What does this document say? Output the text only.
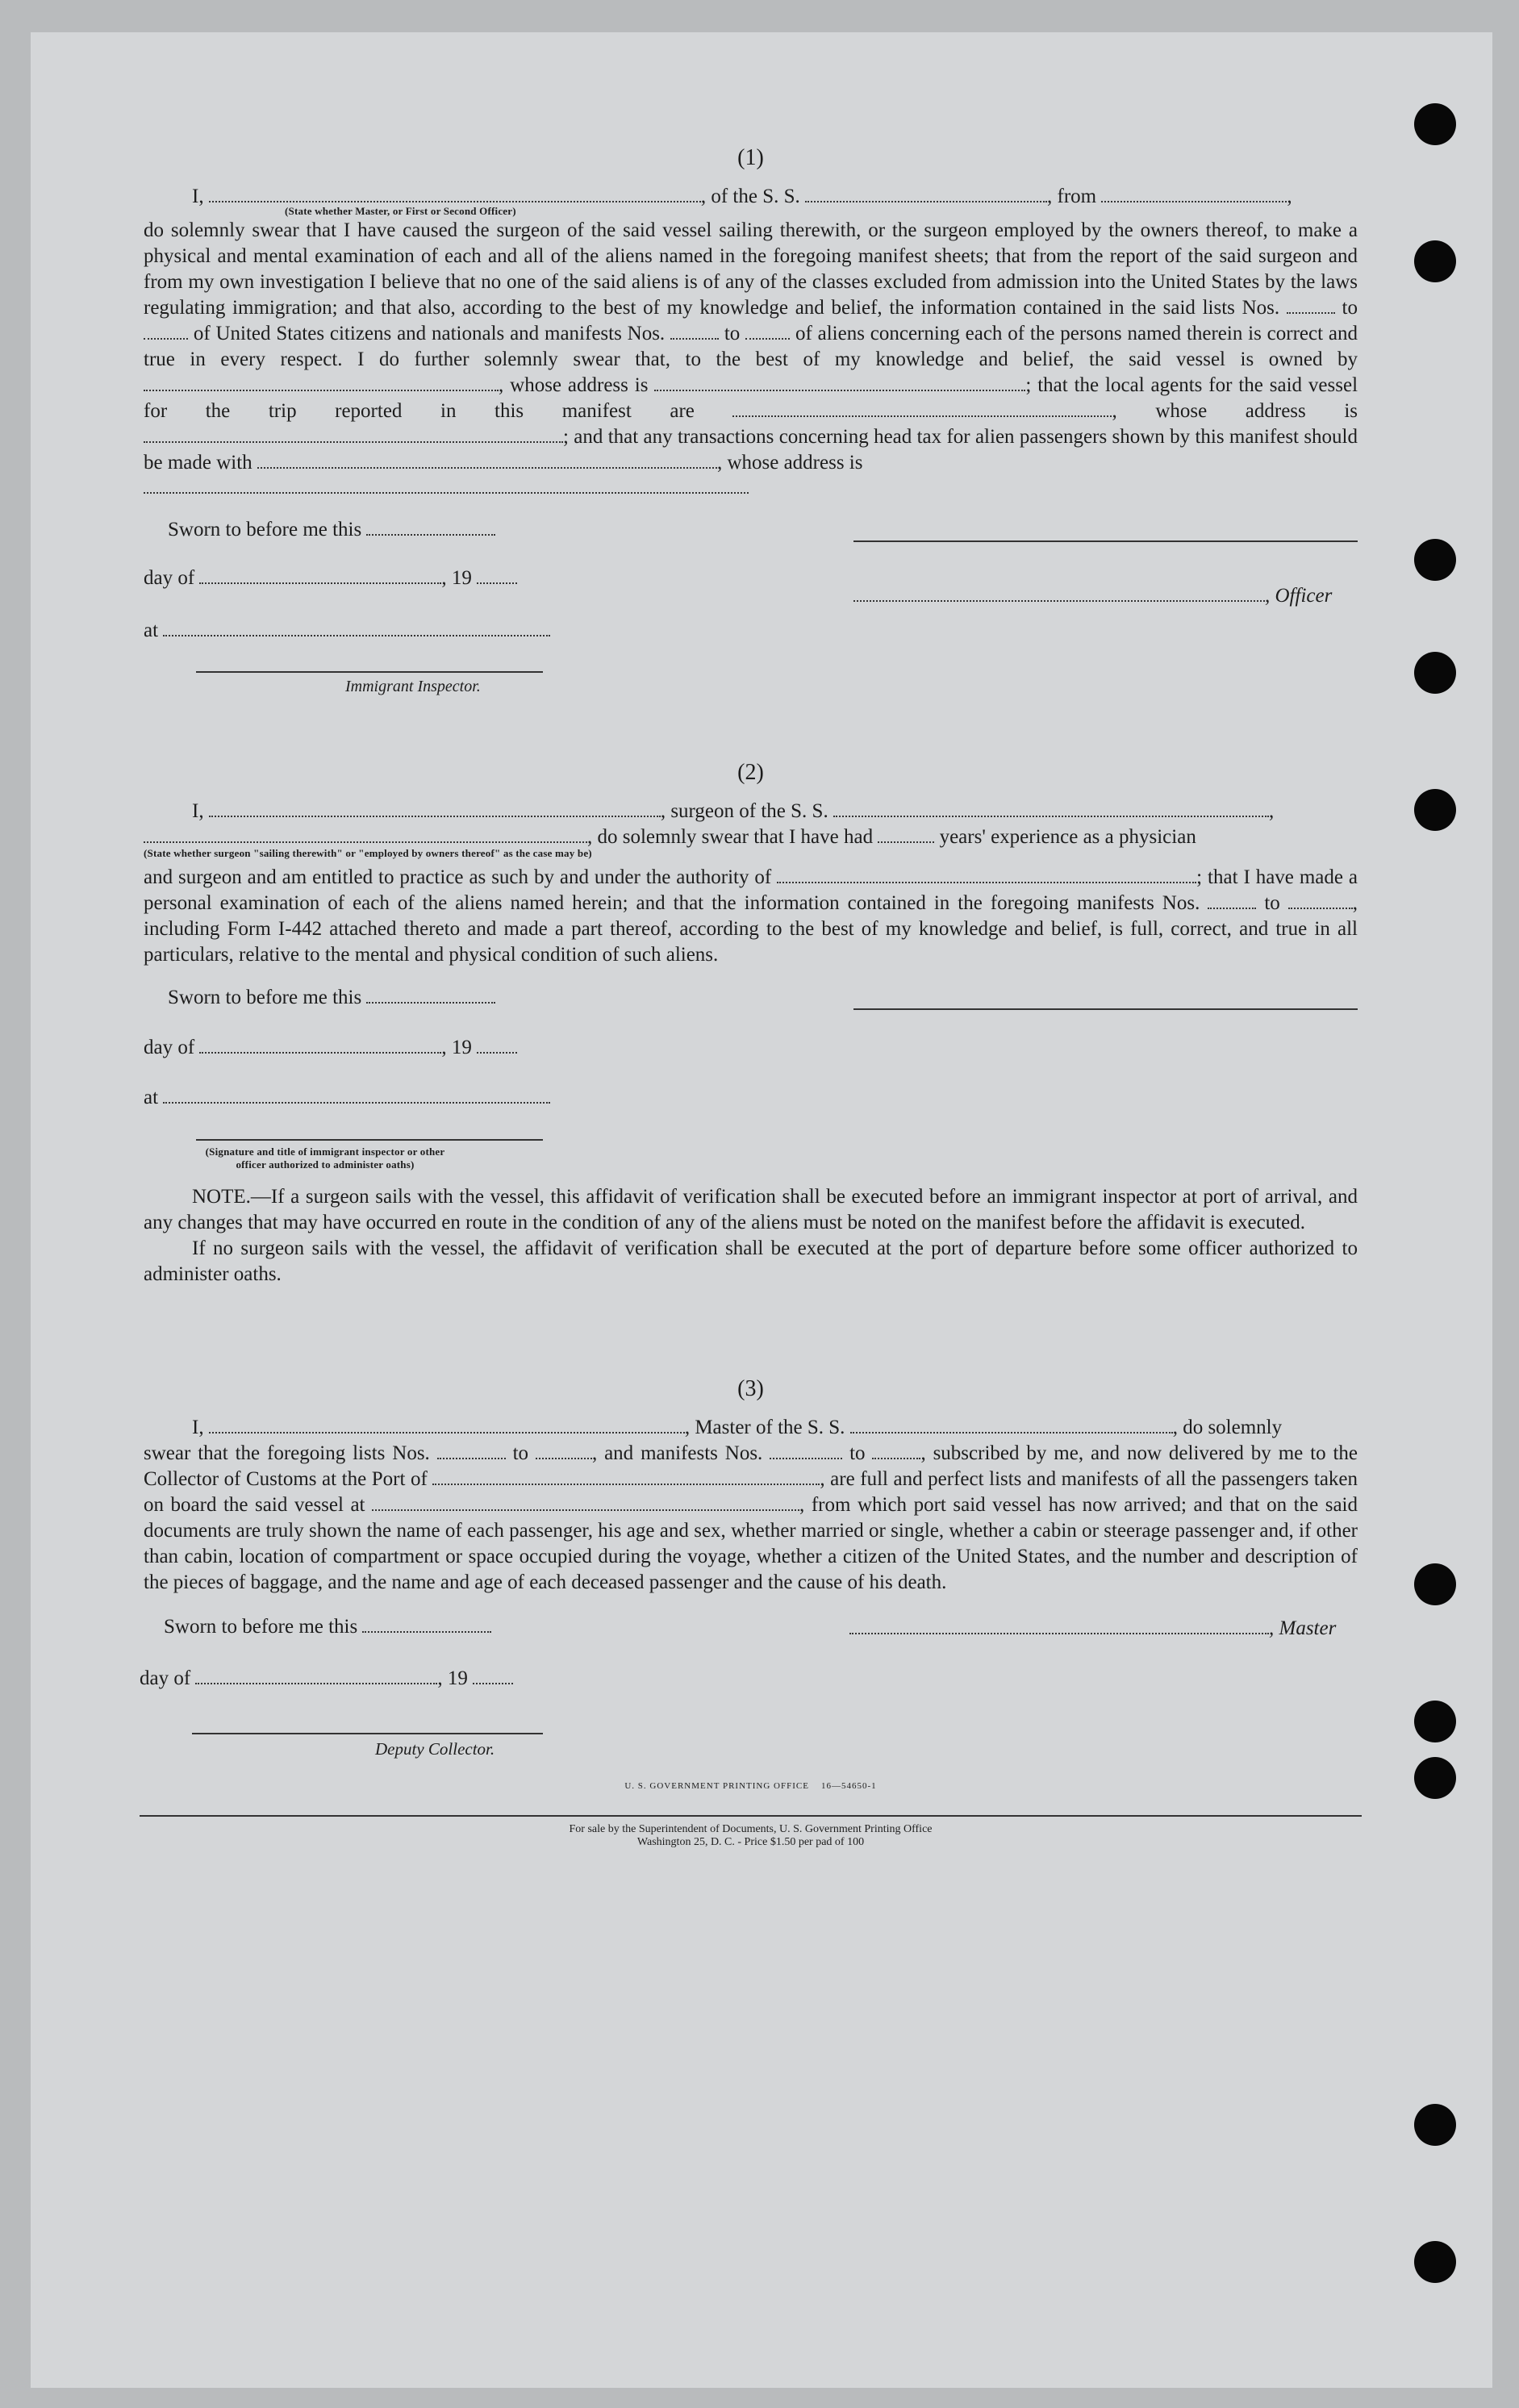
(1)
I,	, of the S. S.	, from	,
(State whether Master, or First or Second Officer)
do solemnly swear that I have caused the surgeon of the said vessel sailing therewith, or the surgeon employed by the owners thereof, to make a physical and mental examination of each and all of the aliens named in the foregoing manifest sheets; that from the report of the said surgeon and from my own investigation I believe that no one of the said aliens is of any of the classes excluded from admission into the United States by the laws regulating immigration; and that also, according to the best of my knowledge and belief, the information contained in the said lists Nos.	to  of United States citizens and nationals and manifests Nos.	to	of aliens concerning each of the persons named therein is correct and true in every respect. I do further solemnly swear that, to the best of my knowledge and belief, the said vessel is owned by , whose address is	; that the local agents for the said vessel for the trip reported in this manifest are	, whose address is ; and that any transactions concerning head tax for alien passengers shown by this manifest should be made with	, whose address is
Sworn to before me this
day of	, 19
, Officer
at
Immigrant Inspector.
(2)
I,	, surgeon of the S. S.	,
, do solemnly swear that I have had	years' experience as a physician
(State whether surgeon "sailing therewith" or "employed by owners thereof" as the case may be)
and surgeon and am entitled to practice as such by and under the authority of	; that I have made a personal examination of each of the aliens named herein; and that the information contained in the foregoing manifests Nos.	to	, including Form I-442 attached thereto and made a part thereof, according to the best of my knowledge and belief, is full, correct, and true in all particulars, relative to the mental and physical condition of such aliens.
Sworn to before me this
day of	, 19
at
(Signature and title of immigrant inspector or other officer authorized to administer oaths)
NOTE.—If a surgeon sails with the vessel, this affidavit of verification shall be executed before an immigrant inspector at port of arrival, and any changes that may have occurred en route in the condition of any of the aliens must be noted on the manifest before the affidavit is executed.
If no surgeon sails with the vessel, the affidavit of verification shall be executed at the port of departure before some officer authorized to administer oaths.
(3)
I,	, Master of the S. S.	, do solemnly
swear that the foregoing lists Nos.	to	, and manifests Nos.	to	, subscribed by me, and now delivered by me to the Collector of Customs at the Port of	, are full and perfect lists and manifests of all the passengers taken on board the said vessel at	, from which port said vessel has now arrived; and that on the said documents are truly shown the name of each passenger, his age and sex, whether married or single, whether a cabin or steerage passenger and, if other than cabin, location of compartment or space occupied during the voyage, whether a citizen of the United States, and the number and description of the pieces of baggage, and the name and age of each deceased passenger and the cause of his death.
Sworn to before me this	, Master
day of	, 19
Deputy Collector.
U. S. GOVERNMENT PRINTING OFFICE    16—54650-1
For sale by the Superintendent of Documents, U. S. Government Printing Office
Washington 25, D. C. - Price $1.50 per pad of 100
